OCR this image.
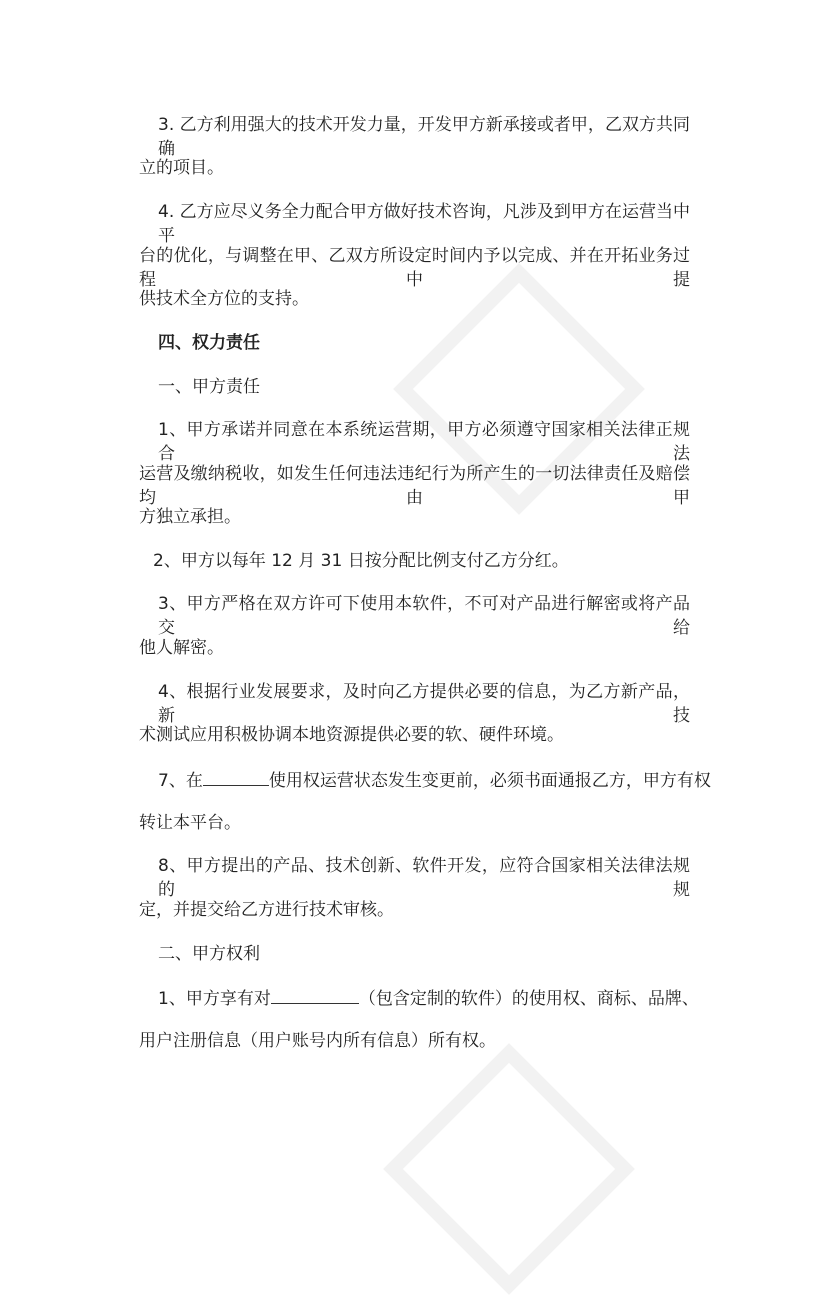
3. 乙方利用强大的技术开发力量，开发甲方新承接或者甲，乙双方共同确
立的项目。
4. 乙方应尽义务全力配合甲方做好技术咨询，凡涉及到甲方在运营当中平
台的优化，与调整在甲、乙双方所设定时间内予以完成、并在开拓业务过程中提
供技术全方位的支持。
四、权力责任
一、甲方责任
1、甲方承诺并同意在本系统运营期，甲方必须遵守国家相关法律正规合法
运营及缴纳税收，如发生任何违法违纪行为所产生的一切法律责任及赔偿均由甲
方独立承担。
2、甲方以每年 12 月 31 日按分配比例支付乙方分红。
3、甲方严格在双方许可下使用本软件，不可对产品进行解密或将产品交给
他人解密。
4、根据行业发展要求，及时向乙方提供必要的信息，为乙方新产品，新技
术测试应用积极协调本地资源提供必要的软、硬件环境。
7、在	使用权运营状态发生变更前，必须书面通报乙方，甲方有权
转让本平台。
8、甲方提出的产品、技术创新、软件开发，应符合国家相关法律法规的规
定，并提交给乙方进行技术审核。
二、甲方权利
1、甲方享有对	（包含定制的软件）的使用权、商标、品牌、
用户注册信息（用户账号内所有信息）所有权。
